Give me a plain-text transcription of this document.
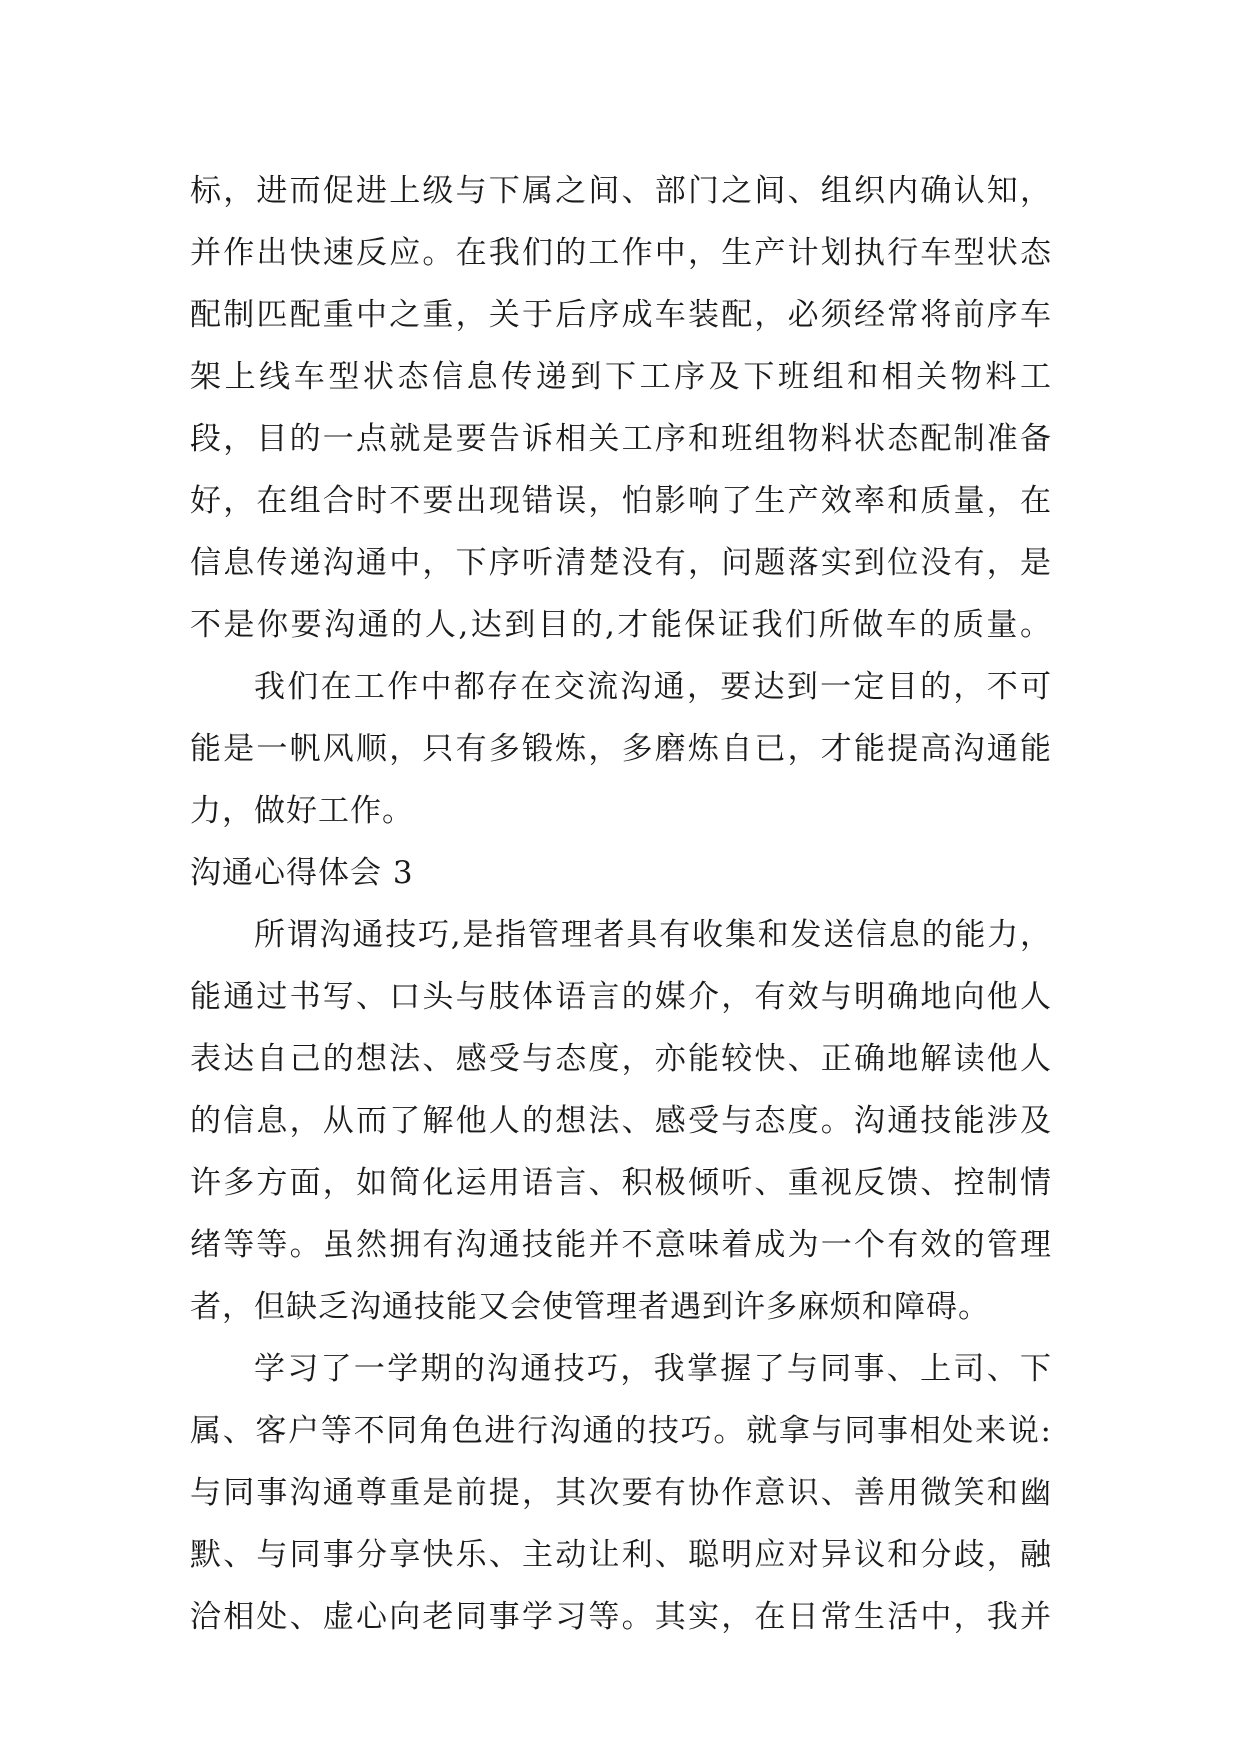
标，进而促进上级与下属之间、部门之间、组织内确认知，
并作出快速反应。在我们的工作中，生产计划执行车型状态
配制匹配重中之重，关于后序成车装配，必须经常将前序车
架上线车型状态信息传递到下工序及下班组和相关物料工
段，目的一点就是要告诉相关工序和班组物料状态配制准备
好，在组合时不要出现错误，怕影响了生产效率和质量，在
信息传递沟通中，下序听清楚没有，问题落实到位没有，是
不是你要沟通的人,达到目的,才能保证我们所做车的质量。
我们在工作中都存在交流沟通，要达到一定目的，不可
能是一帆风顺，只有多锻炼，多磨炼自已，才能提高沟通能
力，做好工作。
沟通心得体会 3
所谓沟通技巧,是指管理者具有收集和发送信息的能力，
能通过书写、口头与肢体语言的媒介，有效与明确地向他人
表达自己的想法、感受与态度，亦能较快、正确地解读他人
的信息，从而了解他人的想法、感受与态度。沟通技能涉及
许多方面，如简化运用语言、积极倾听、重视反馈、控制情
绪等等。虽然拥有沟通技能并不意味着成为一个有效的管理
者，但缺乏沟通技能又会使管理者遇到许多麻烦和障碍。
学习了一学期的沟通技巧，我掌握了与同事、上司、下
属、客户等不同角色进行沟通的技巧。就拿与同事相处来说:
与同事沟通尊重是前提，其次要有协作意识、善用微笑和幽
默、与同事分享快乐、主动让利、聪明应对异议和分歧，融
洽相处、虚心向老同事学习等。其实，在日常生活中，我并
